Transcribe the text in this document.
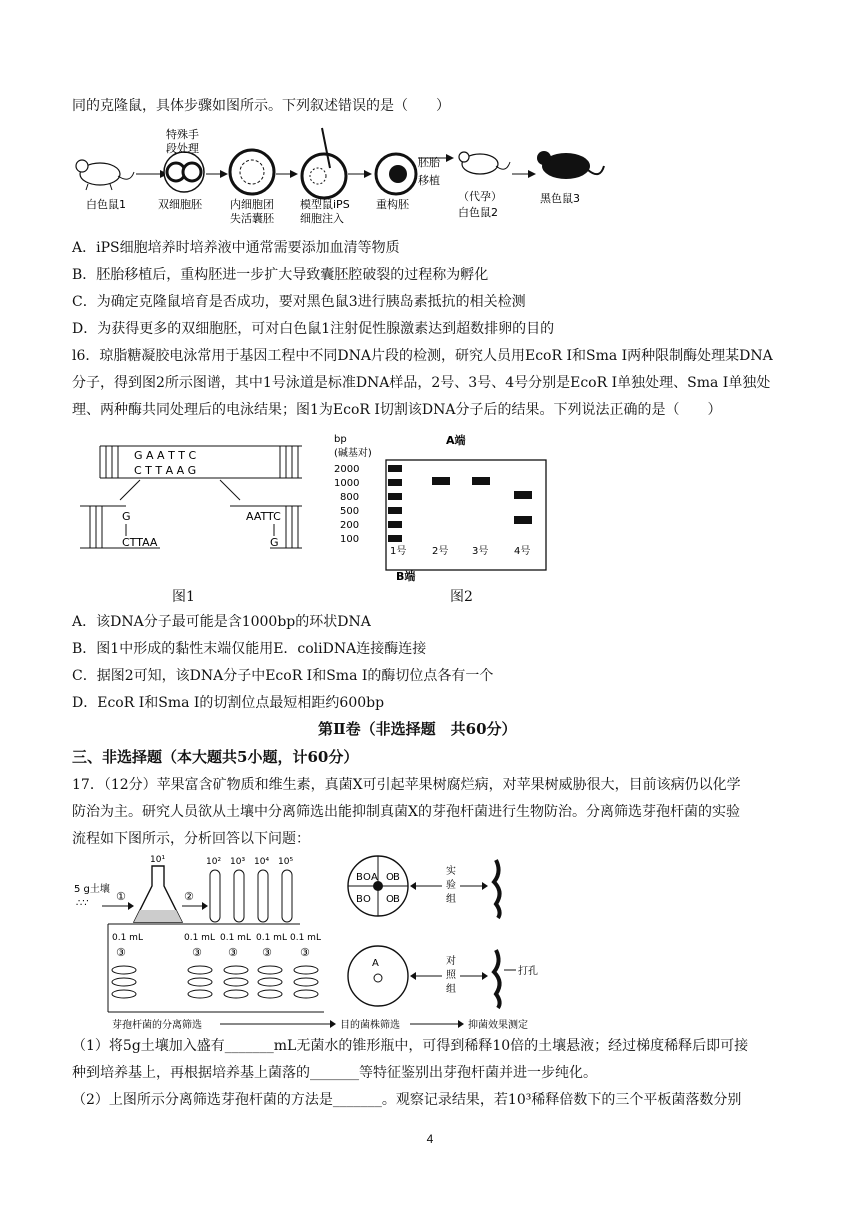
同的克隆鼠，具体步骤如图所示。下列叙述错误的是（　　）
白色鼠1
特殊手
段处理
双细胞胚	内细胞团
失活囊胚
模型鼠iPS
细胞注入
重构胚
胚胎
移植
（代孕）
白色鼠2
黑色鼠3
A．iPS细胞培养时培养液中通常需要添加血清等物质
B．胚胎移植后，重构胚进一步扩大导致囊胚腔破裂的过程称为孵化
C．为确定克隆鼠培育是否成功，要对黑色鼠3进行胰岛素抵抗的相关检测
D．为获得更多的双细胞胚，可对白色鼠1注射促性腺激素达到超数排卵的目的
l6．琼脂糖凝胶电泳常用于基因工程中不同DNA片段的检测，研究人员用EcoR I和Sma I两种限制酶处理某DNA
分子，得到图2所示图谱，其中1号泳道是标准DNA样品，2号、3号、4号分别是EcoR I单独处理、Sma I单独处
理、两种酶共同处理后的电泳结果；图1为EcoR I切割该DNA分子后的结果。下列说法正确的是（　　）
G A A T T C
C T T A A G
G
CTTAA
AATTC
G
图1
bp
(碱基对)
A端
2000
1000
800
500
200
100
1号	2号 3号	4号
B端
图2
A．该DNA分子最可能是含1000bp的环状DNA
B．图1中形成的黏性末端仅能用E．coliDNA连接酶连接
C．据图2可知，该DNA分子中EcoR I和Sma I的酶切位点各有一个
D．EcoR I和Sma I的切割位点最短相距约600bp
第Ⅱ卷（非选择题　共60分）
三、非选择题（本大题共5小题，计60分）
17．（12分）苹果富含矿物质和维生素，真菌X可引起苹果树腐烂病，对苹果树威胁很大，目前该病仍以化学
防治为主。研究人员欲从土壤中分离筛选出能抑制真菌X的芽孢杆菌进行生物防治。分离筛选芽孢杆菌的实验
流程如下图所示，分析回答以下问题：
5 g土壤
∴∵
①
10¹
②
10² 10³ 10⁴ 10⁵
0.1 mL	0.1 mL 0.1 mL 0.1 mL 0.1 mL
③	③ ③ ③	③
B O A O B
B O O B
实
验
组
A	对
照
组
打孔
芽孢杆菌的分离筛选	目的菌株筛选	抑菌效果测定
（1）将5g土壤加入盛有_______mL无菌水的锥形瓶中，可得到稀释10倍的土壤悬液；经过梯度稀释后即可接
种到培养基上，再根据培养基上菌落的_______等特征鉴别出芽孢杆菌并进一步纯化。
（2）上图所示分离筛选芽孢杆菌的方法是_______。观察记录结果，若10³稀释倍数下的三个平板菌落数分别
4
